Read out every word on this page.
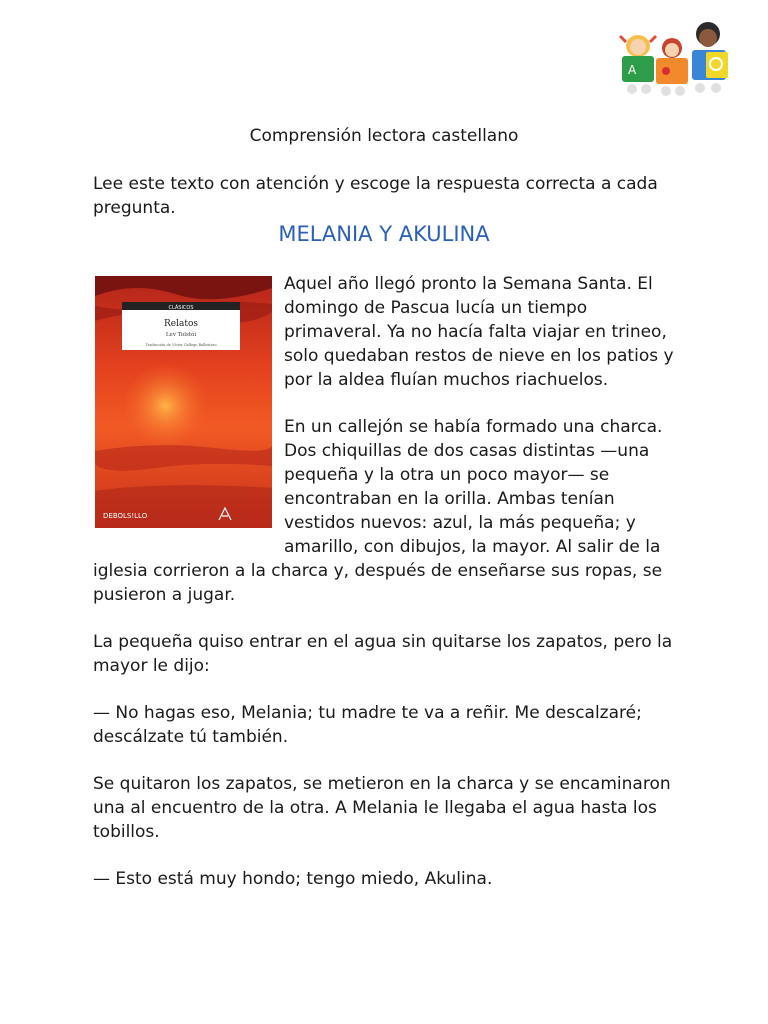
A
Comprensión lectora castellano
Lee este texto con atención y escoge la respuesta correcta a cada pregunta.
MELANIA Y AKULINA
CLÁSICOS
Relatos
Lev Tolstói
Traducción de Víctor Gallego Ballestero
DEBOLS!LLO

Aquel año llegó pronto la Semana Santa. El domingo de Pascua lucía un tiempo primaveral. Ya no hacía falta viajar en trineo, solo quedaban restos de nieve en los patios y por la aldea fluían muchos riachuelos.

En un callejón se había formado una charca. Dos chiquillas de dos casas distintas —una pequeña y la otra un poco mayor— se encontraban en la orilla. Ambas tenían vestidos nuevos: azul, la más pequeña; y amarillo, con dibujos, la mayor. Al salir de la iglesia corrieron a la charca y, después de enseñarse sus ropas, se pusieron a jugar.

La pequeña quiso entrar en el agua sin quitarse los zapatos, pero la mayor le dijo:

— No hagas eso, Melania; tu madre te va a reñir. Me descalzaré; descálzate tú también.

Se quitaron los zapatos, se metieron en la charca y se encaminaron una al encuentro de la otra. A Melania le llegaba el agua hasta los tobillos.

— Esto está muy hondo; tengo miedo, Akulina.
